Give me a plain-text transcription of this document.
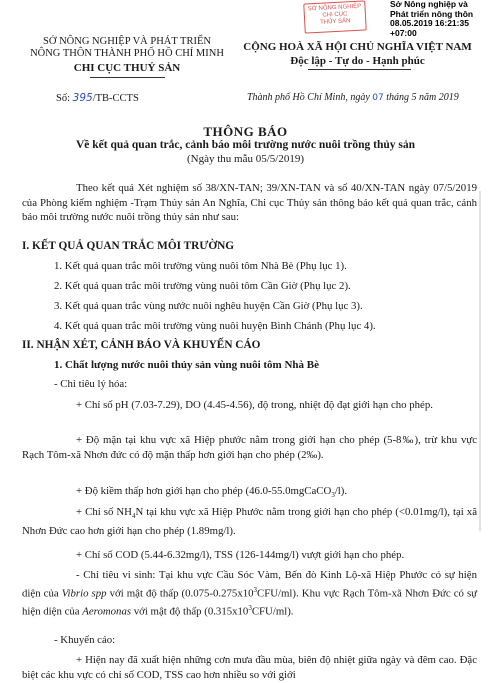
SỞ NÔNG NGHIỆP
CHI CỤC
THỦY SẢN
Sở Nông nghiệp và
Phát triển nông thôn
08.05.2019 16:21:35
+07:00
SỞ NÔNG NGHIỆP VÀ PHÁT TRIỂN
NÔNG THÔN THÀNH PHỐ HỒ CHÍ MINH
CHI CỤC THUỶ SẢN
CỘNG HOÀ XÃ HỘI CHỦ NGHĨA VIỆT NAM
Độc lập - Tự do - Hạnh phúc
Số: 395/TB-CCTS	Thành phố Hồ Chí Minh, ngày 07 tháng 5 năm 2019
THÔNG BÁO
Về kết quả quan trắc, cảnh báo môi trường nước nuôi trồng thủy sản
(Ngày thu mẫu 05/5/2019)
Theo kết quả Xét nghiệm số 38/XN-TAN; 39/XN-TAN và số 40/XN-TAN ngày 07/5/2019 của Phòng kiểm nghiệm -Trạm Thủy sản An Nghĩa, Chi cục Thủy sản thông báo kết quả quan trắc, cảnh báo môi trường nước nuôi trồng thủy sản như sau:
I. KẾT QUẢ QUAN TRẮC MÔI TRƯỜNG
1. Kết quả quan trắc môi trường vùng nuôi tôm Nhà Bè (Phụ lục 1).
2. Kết quả quan trắc môi trường vùng nuôi tôm Cần Giờ (Phụ lục 2).
3. Kết quả quan trắc vùng nước nuôi nghêu huyện Cần Giờ (Phụ lục 3).
4. Kết quả quan trắc môi trường vùng nuôi huyện Bình Chánh (Phụ lục 4).
II. NHẬN XÉT, CẢNH BÁO VÀ KHUYẾN CÁO
1. Chất lượng nước nuôi thủy sản vùng nuôi tôm Nhà Bè
- Chỉ tiêu lý hóa:
+ Chỉ số pH (7.03-7.29), DO (4.45-4.56), độ trong, nhiệt độ đạt giới hạn cho phép.
+ Độ mặn tại khu vực xã Hiệp phước nằm trong giới hạn cho phép (5-8‰), trừ khu vực Rạch Tôm-xã Nhơn đức có độ mặn thấp hơn giới hạn cho phép (2‰).
+ Độ kiềm thấp hơn giới hạn cho phép (46.0-55.0mgCaCO$_3$/l).
+ Chỉ số $NH_4N$ tại khu vực xã Hiệp Phước nằm trong giới hạn cho phép (<0.01mg/l), tại xã Nhơn Đức cao hơn giới hạn cho phép (1.89mg/l).
+ Chỉ số COD (5.44-6.32mg/l), TSS (126-144mg/l) vượt giới hạn cho phép.
- Chỉ tiêu vi sinh: Tại khu vực Cầu Sóc Vàm, Bến đò Kinh Lộ-xã Hiệp Phước có sự hiện diện của Vibrio spp với mật độ thấp $(0.075-0.275x10^3CFU/ml)$. Khu vực Rạch Tôm-xã Nhơn Đức có sự hiện diện của Aeromonas với mật độ thấp $(0.315x10^3CFU/ml)$.
- Khuyến cáo:
+ Hiện nay đã xuất hiện những cơn mưa đầu mùa, biên độ nhiệt giữa ngày và đêm cao. Đặc biệt các khu vực có chỉ số COD, TSS cao hơn nhiều so với giới
